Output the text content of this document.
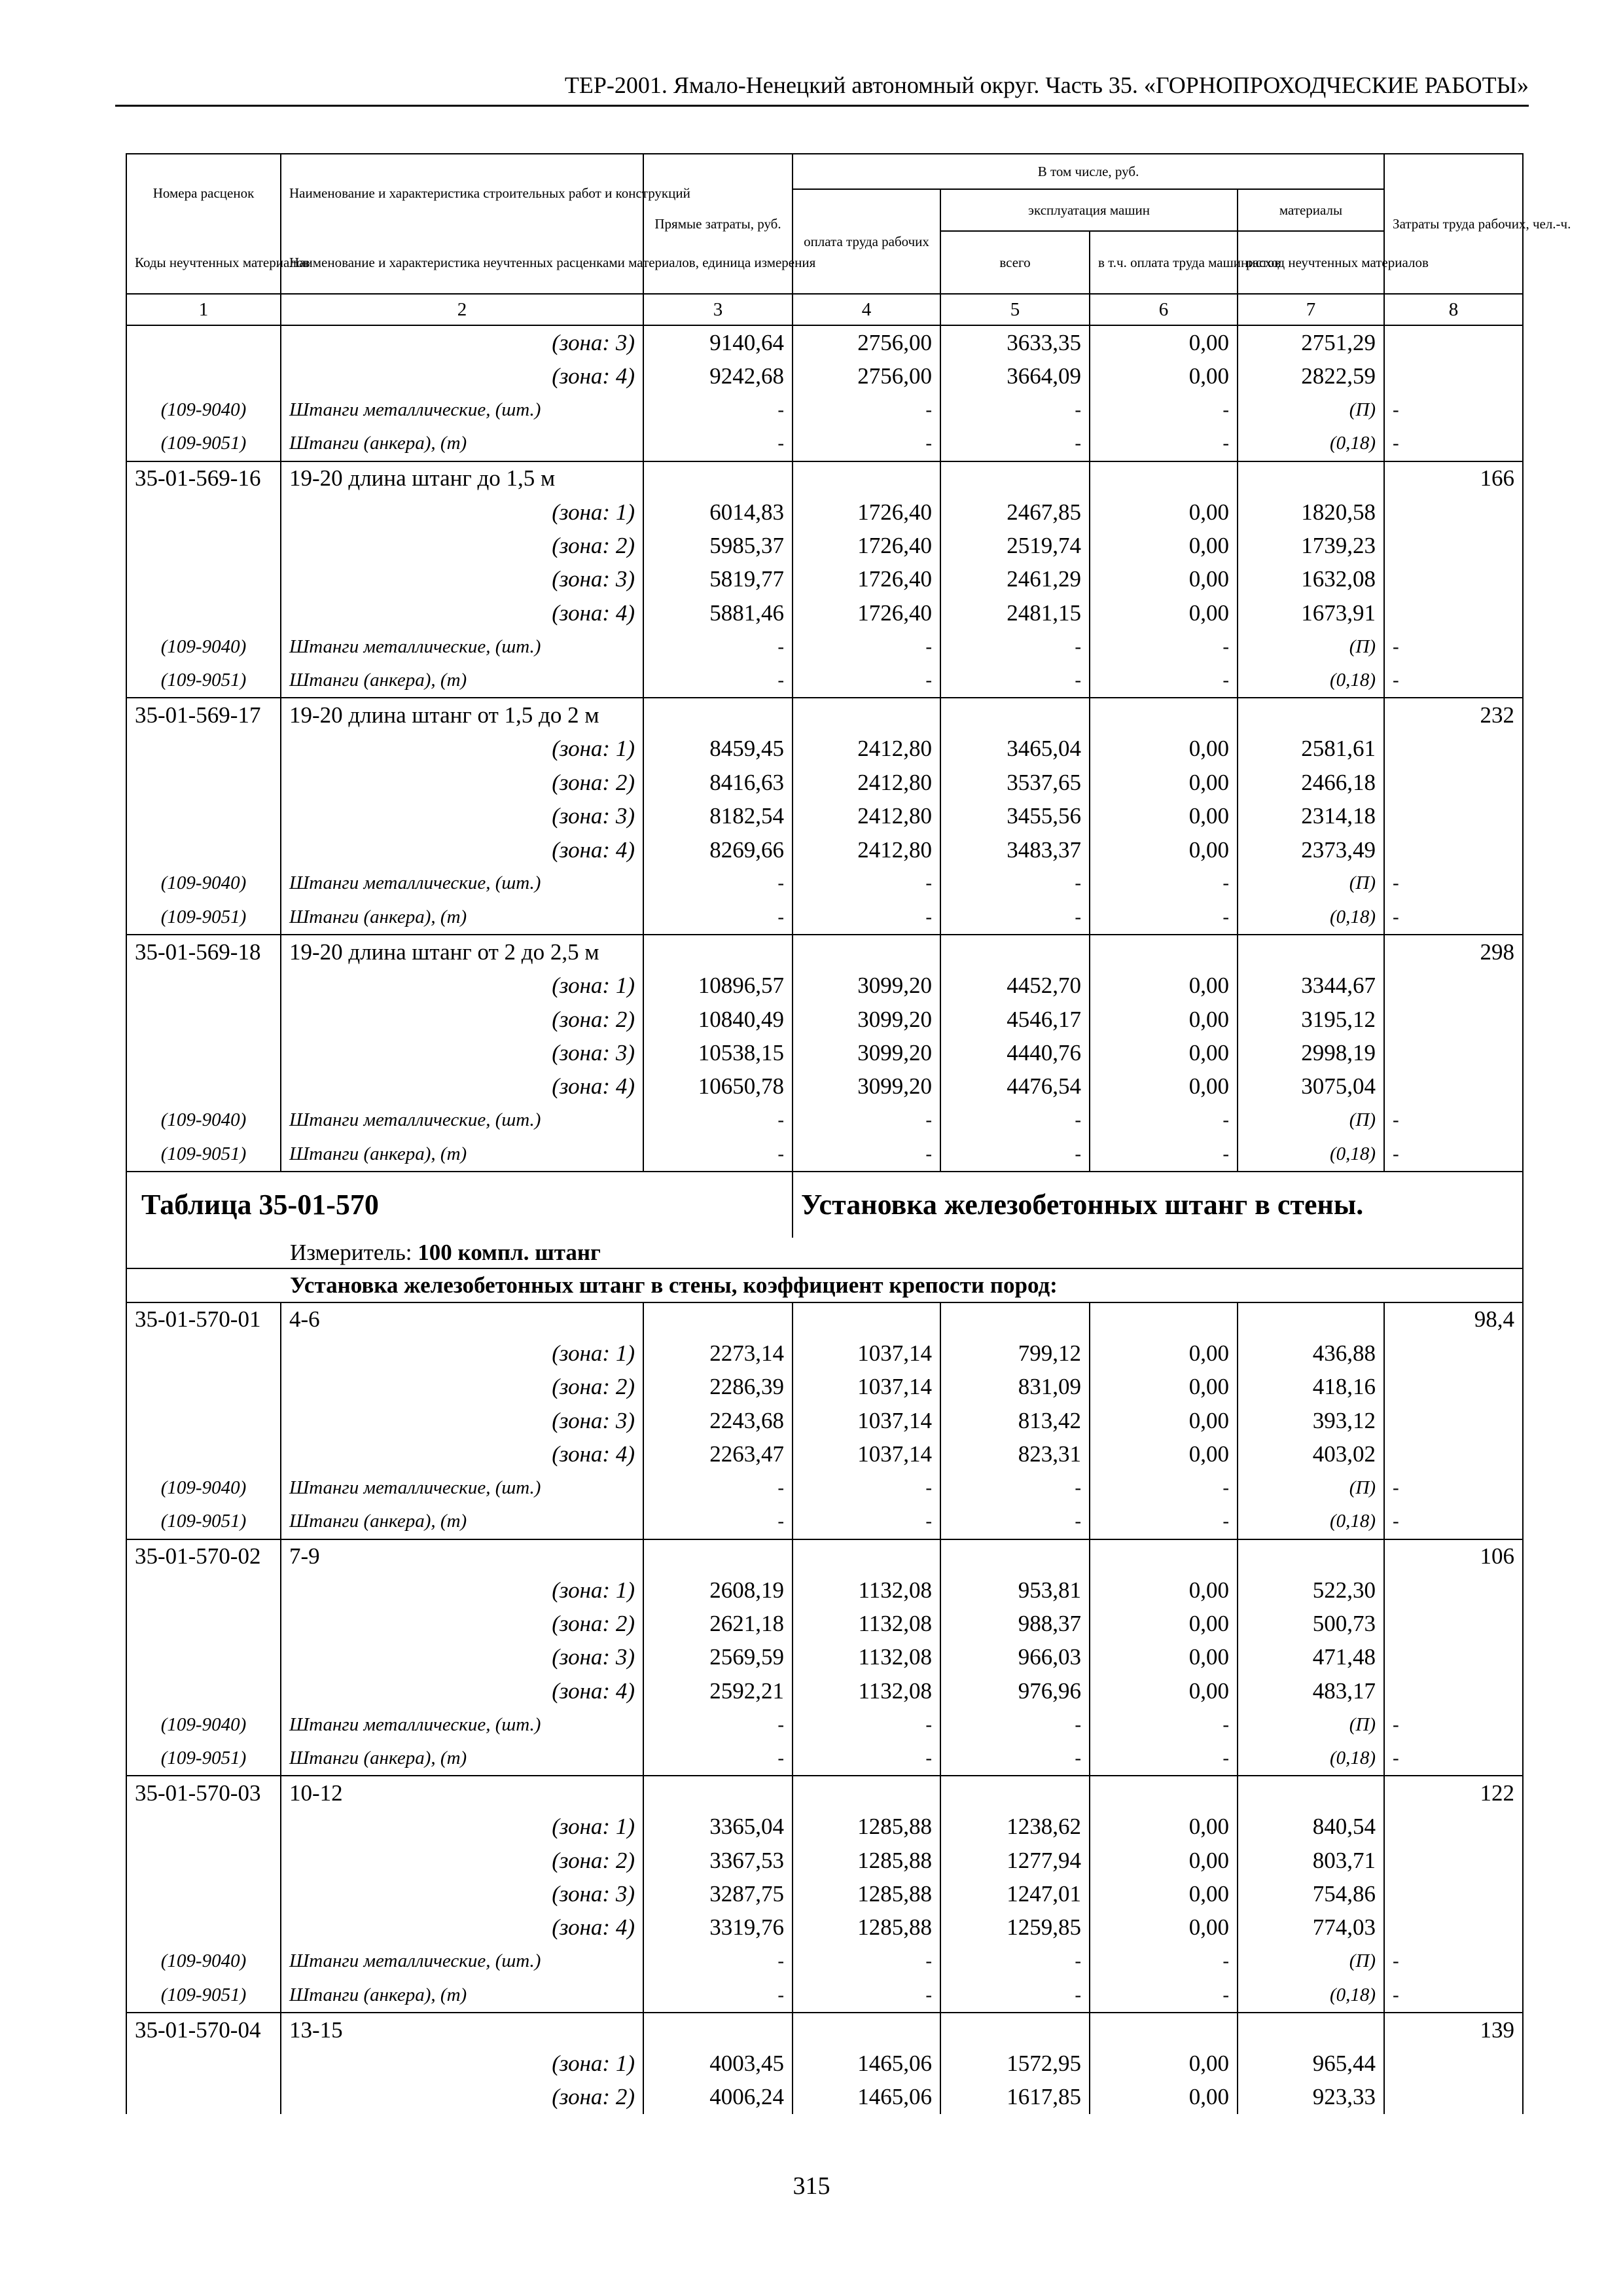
ТЕР-2001. Ямало-Ненецкий автономный округ. Часть 35. «ГОРНОПРОХОДЧЕСКИЕ РАБОТЫ»
Номера расценок	Наименование и характеристика строительных работ и конструкций	Прямые затраты, руб.	В том числе, руб.				Затраты труда рабочих, чел.-ч.
			оплата труда рабочих	эксплуатация машин		материалы	
Коды неучтенных материалов	Наименование и характеристика неучтенных расценками материалов, единица измерения			всего	в т.ч. оплата труда машинистов	расход неучтенных материалов	
1	2	3	4	5	6	7	8
	(зона: 3)	9140,64	2756,00	3633,35	0,00	2751,29	
	(зона: 4)	9242,68	2756,00	3664,09	0,00	2822,59	
(109-9040)	Штанги металлические, (шт.)	-	-	-	-	(П)	-
(109-9051)	Штанги (анкера), (т)	-	-	-	-	(0,18)	-
35-01-569-16	19-20 длина штанг до 1,5 м						166
	(зона: 1)	6014,83	1726,40	2467,85	0,00	1820,58	
	(зона: 2)	5985,37	1726,40	2519,74	0,00	1739,23	
	(зона: 3)	5819,77	1726,40	2461,29	0,00	1632,08	
	(зона: 4)	5881,46	1726,40	2481,15	0,00	1673,91	
(109-9040)	Штанги металлические, (шт.)	-	-	-	-	(П)	-
(109-9051)	Штанги (анкера), (т)	-	-	-	-	(0,18)	-
35-01-569-17	19-20 длина штанг от 1,5 до 2 м						232
	(зона: 1)	8459,45	2412,80	3465,04	0,00	2581,61	
	(зона: 2)	8416,63	2412,80	3537,65	0,00	2466,18	
	(зона: 3)	8182,54	2412,80	3455,56	0,00	2314,18	
	(зона: 4)	8269,66	2412,80	3483,37	0,00	2373,49	
(109-9040)	Штанги металлические, (шт.)	-	-	-	-	(П)	-
(109-9051)	Штанги (анкера), (т)	-	-	-	-	(0,18)	-
35-01-569-18	19-20 длина штанг от 2 до 2,5 м						298
	(зона: 1)	10896,57	3099,20	4452,70	0,00	3344,67	
	(зона: 2)	10840,49	3099,20	4546,17	0,00	3195,12	
	(зона: 3)	10538,15	3099,20	4440,76	0,00	2998,19	
	(зона: 4)	10650,78	3099,20	4476,54	0,00	3075,04	
(109-9040)	Штанги металлические, (шт.)	-	-	-	-	(П)	-
(109-9051)	Штанги (анкера), (т)	-	-	-	-	(0,18)	-
Таблица 35-01-570			Установка железобетонных штанг в стены.				
	Измеритель: 100 компл. штанг						
	Установка железобетонных штанг в стены, коэффициент крепости пород:						
35-01-570-01	4-6						98,4
	(зона: 1)	2273,14	1037,14	799,12	0,00	436,88	
	(зона: 2)	2286,39	1037,14	831,09	0,00	418,16	
	(зона: 3)	2243,68	1037,14	813,42	0,00	393,12	
	(зона: 4)	2263,47	1037,14	823,31	0,00	403,02	
(109-9040)	Штанги металлические, (шт.)	-	-	-	-	(П)	-
(109-9051)	Штанги (анкера), (т)	-	-	-	-	(0,18)	-
35-01-570-02	7-9						106
	(зона: 1)	2608,19	1132,08	953,81	0,00	522,30	
	(зона: 2)	2621,18	1132,08	988,37	0,00	500,73	
	(зона: 3)	2569,59	1132,08	966,03	0,00	471,48	
	(зона: 4)	2592,21	1132,08	976,96	0,00	483,17	
(109-9040)	Штанги металлические, (шт.)	-	-	-	-	(П)	-
(109-9051)	Штанги (анкера), (т)	-	-	-	-	(0,18)	-
35-01-570-03	10-12						122
	(зона: 1)	3365,04	1285,88	1238,62	0,00	840,54	
	(зона: 2)	3367,53	1285,88	1277,94	0,00	803,71	
	(зона: 3)	3287,75	1285,88	1247,01	0,00	754,86	
	(зона: 4)	3319,76	1285,88	1259,85	0,00	774,03	
(109-9040)	Штанги металлические, (шт.)	-	-	-	-	(П)	-
(109-9051)	Штанги (анкера), (т)	-	-	-	-	(0,18)	-
35-01-570-04	13-15						139
	(зона: 1)	4003,45	1465,06	1572,95	0,00	965,44	
	(зона: 2)	4006,24	1465,06	1617,85	0,00	923,33	
315
